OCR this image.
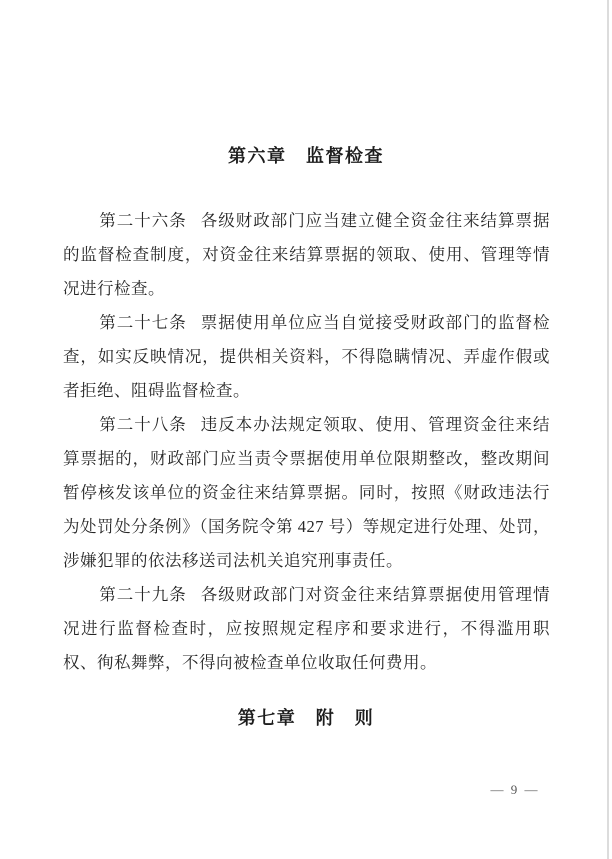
第六章　监督检查

第二十六条 各级财政部门应当建立健全资金往来结算票据的监督检查制度，对资金往来结算票据的领取、使用、管理等情况进行检查。

第二十七条 票据使用单位应当自觉接受财政部门的监督检查，如实反映情况，提供相关资料，不得隐瞒情况、弄虚作假或者拒绝、阻碍监督检查。

第二十八条 违反本办法规定领取、使用、管理资金往来结算票据的，财政部门应当责令票据使用单位限期整改，整改期间暂停核发该单位的资金往来结算票据。同时，按照《财政违法行为处罚处分条例》（国务院令第 427 号）等规定进行处理、处罚，涉嫌犯罪的依法移送司法机关追究刑事责任。

第二十九条 各级财政部门对资金往来结算票据使用管理情况进行监督检查时，应按照规定程序和要求进行，不得滥用职权、徇私舞弊，不得向被检查单位收取任何费用。

第七章　附　则
— 9 —
